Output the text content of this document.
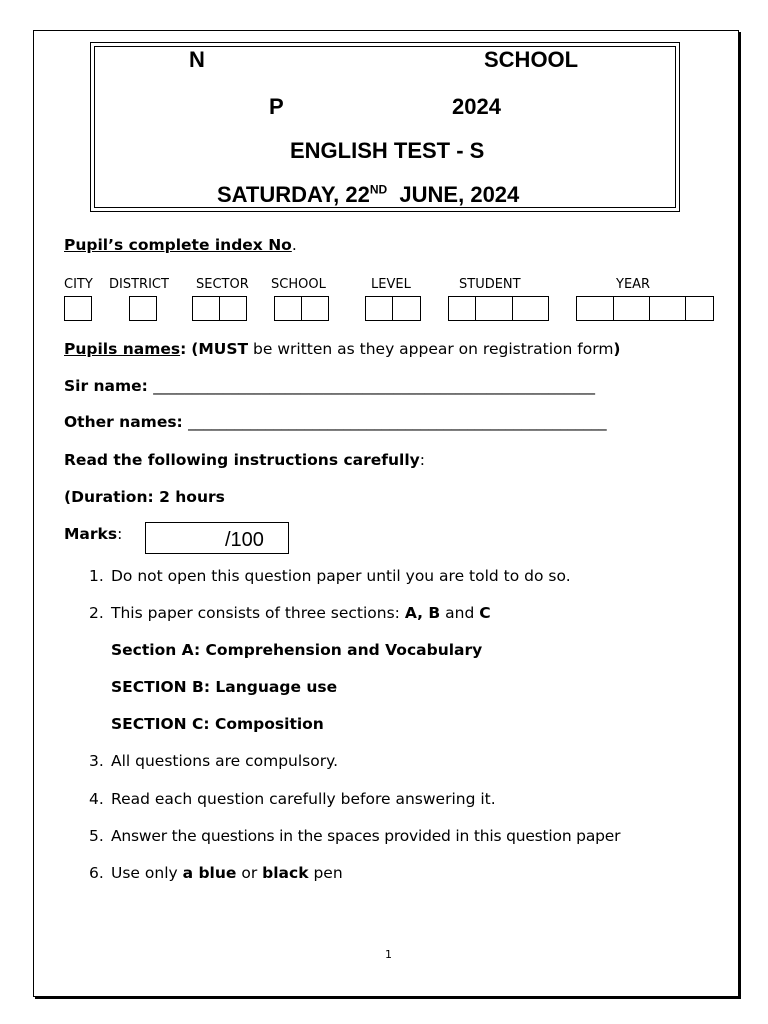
N	SCHOOL
P	2024
ENGLISH TEST - S
SATURDAY, 22ND JUNE, 2024
Pupil’s complete index No.
CITY DISTRICT SECTOR SCHOOL	LEVEL	STUDENT	YEAR
Pupils names: (MUST be written as they appear on registration form)
Sir name: _________________________________________________________
Other names: ______________________________________________________
Read the following instructions carefully:
(Duration: 2 hours
Marks:	/100
1. Do not open this question paper until you are told to do so.
2. This paper consists of three sections: A, B and C
Section A: Comprehension and Vocabulary
SECTION B: Language use
SECTION C: Composition
3. All questions are compulsory.
4. Read each question carefully before answering it.
5. Answer the questions in the spaces provided in this question paper
6. Use only a blue or black pen
1
